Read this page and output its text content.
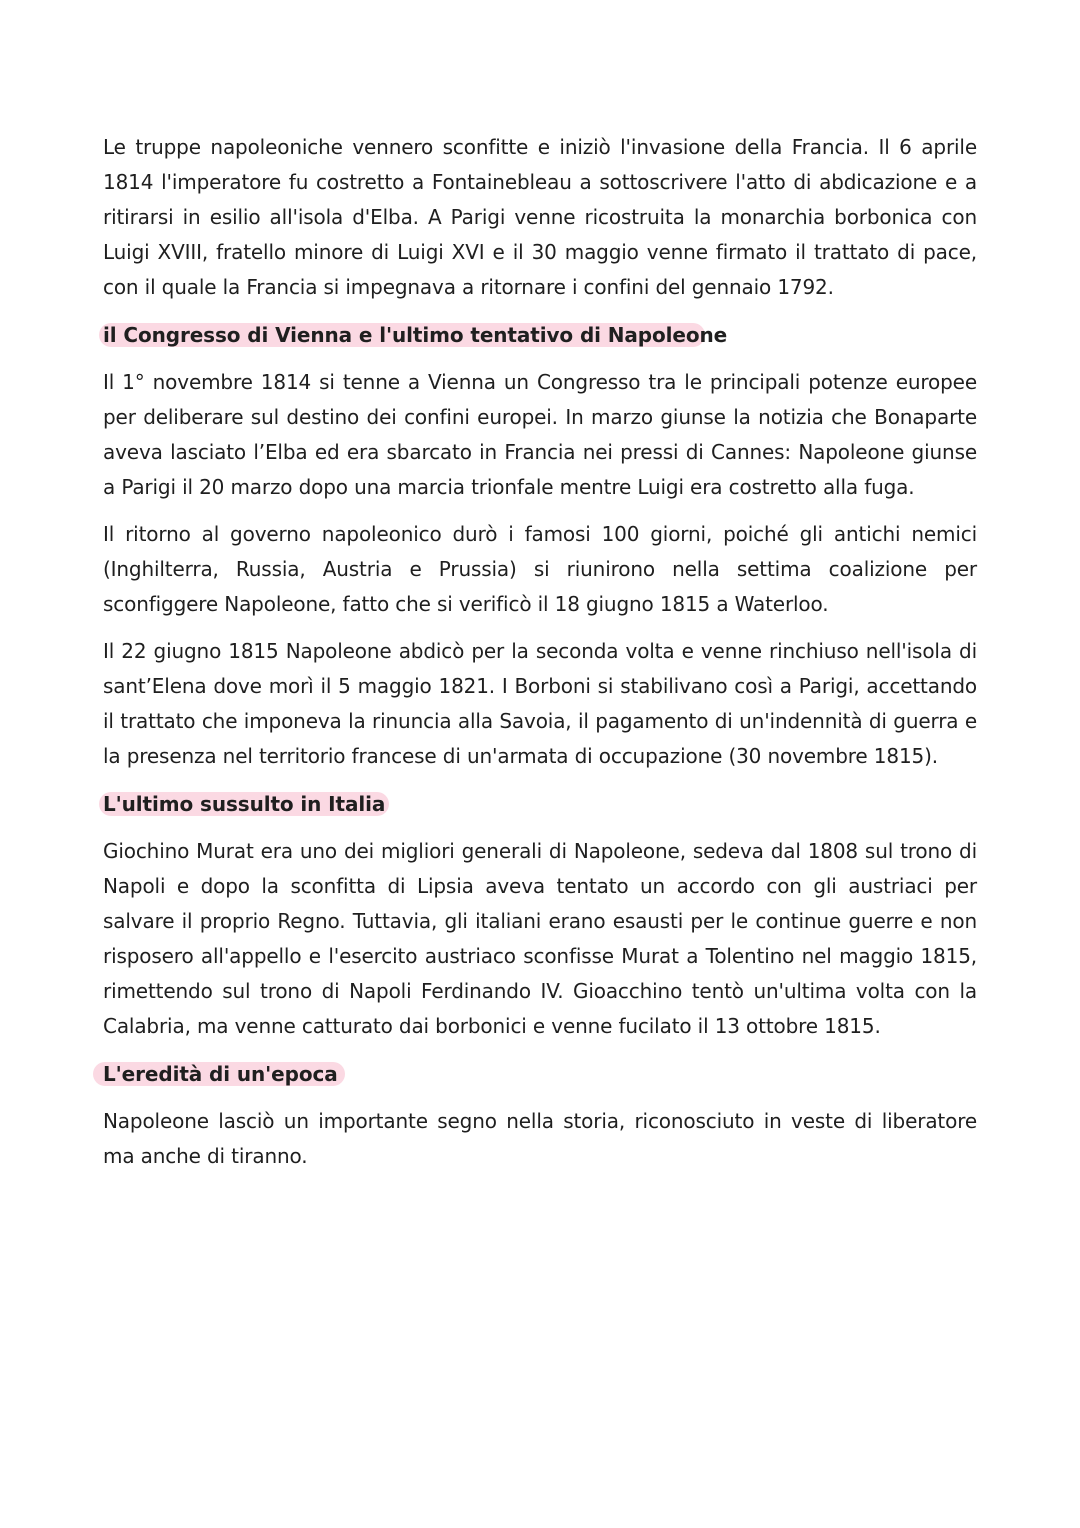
Le truppe napoleoniche vennero sconfitte e iniziò l'invasione della Francia. Il 6 aprile 1814 l'imperatore fu costretto a Fontainebleau a sottoscrivere l'atto di abdicazione e a ritirarsi in esilio all'isola d'Elba. A Parigi venne ricostruita la monarchia borbonica con Luigi XVIII, fratello minore di Luigi XVI e il 30 maggio venne firmato il trattato di pace, con il quale la Francia si impegnava a ritornare i confini del gennaio 1792.

il Congresso di Vienna e l'ultimo tentativo di Napoleone

Il 1° novembre 1814 si tenne a Vienna un Congresso tra le principali potenze europee per deliberare sul destino dei confini europei. In marzo giunse la notizia che Bonaparte aveva lasciato l’Elba ed era sbarcato in Francia nei pressi di Cannes: Napoleone giunse a Parigi il 20 marzo dopo una marcia trionfale mentre Luigi era costretto alla fuga.

Il ritorno al governo napoleonico durò i famosi 100 giorni, poiché gli antichi nemici (Inghilterra, Russia, Austria e Prussia) si riunirono nella settima coalizione per sconfiggere Napoleone, fatto che si verificò il 18 giugno 1815 a Waterloo.

Il 22 giugno 1815 Napoleone abdicò per la seconda volta e venne rinchiuso nell'isola di sant’Elena dove morì il 5 maggio 1821. I Borboni si stabilivano così a Parigi, accettando il trattato che imponeva la rinuncia alla Savoia, il pagamento di un'indennità di guerra e la presenza nel territorio francese di un'armata di occupazione (30 novembre 1815).

L'ultimo sussulto in Italia

Giochino Murat era uno dei migliori generali di Napoleone, sedeva dal 1808 sul trono di Napoli e dopo la sconfitta di Lipsia aveva tentato un accordo con gli austriaci per salvare il proprio Regno. Tuttavia, gli italiani erano esausti per le continue guerre e non risposero all'appello e l'esercito austriaco sconfisse Murat a Tolentino nel maggio 1815, rimettendo sul trono di Napoli Ferdinando IV. Gioacchino tentò un'ultima volta con la Calabria, ma venne catturato dai borbonici e venne fucilato il 13 ottobre 1815.

L'eredità di un'epoca

Napoleone lasciò un importante segno nella storia, riconosciuto in veste di liberatore ma anche di tiranno.
